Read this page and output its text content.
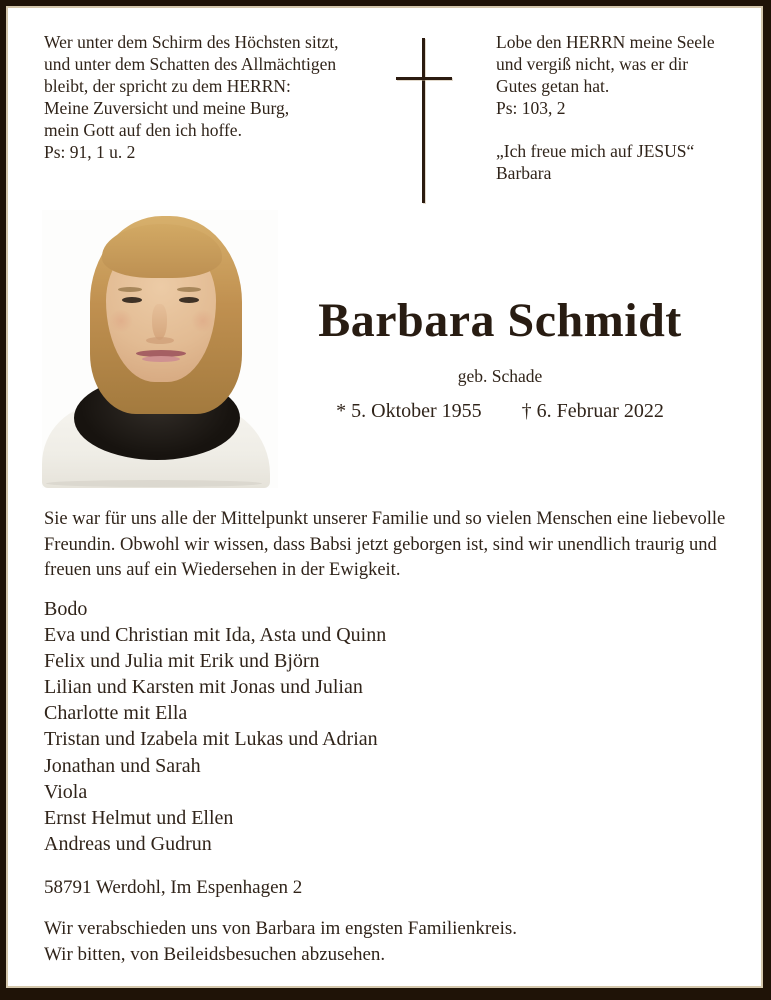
Wer unter dem Schirm des Höchsten sitzt,
und unter dem Schatten des Allmächtigen
bleibt, der spricht zu dem HERRN:
Meine Zuversicht und meine Burg,
mein Gott auf den ich hoffe.
Ps: 91, 1 u. 2
Lobe den HERRN meine Seele
und vergiß nicht, was er dir
Gutes getan hat.
Ps: 103, 2
„Ich freue mich auf JESUS“
Barbara
Barbara Schmidt
geb. Schade
* 5. Oktober 1955 † 6. Februar 2022
Sie war für uns alle der Mittelpunkt unserer Familie und so vielen Menschen eine liebevolle Freundin. Obwohl wir wissen, dass Babsi jetzt geborgen ist, sind wir unendlich traurig und freuen uns auf ein Wiedersehen in der Ewigkeit.
Bodo
Eva und Christian mit Ida, Asta und Quinn
Felix und Julia mit Erik und Björn
Lilian und Karsten mit Jonas und Julian
Charlotte mit Ella
Tristan und Izabela mit Lukas und Adrian
Jonathan und Sarah
Viola
Ernst Helmut und Ellen
Andreas und Gudrun
58791 Werdohl, Im Espenhagen 2
Wir verabschieden uns von Barbara im engsten Familienkreis.
Wir bitten, von Beileidsbesuchen abzusehen.
